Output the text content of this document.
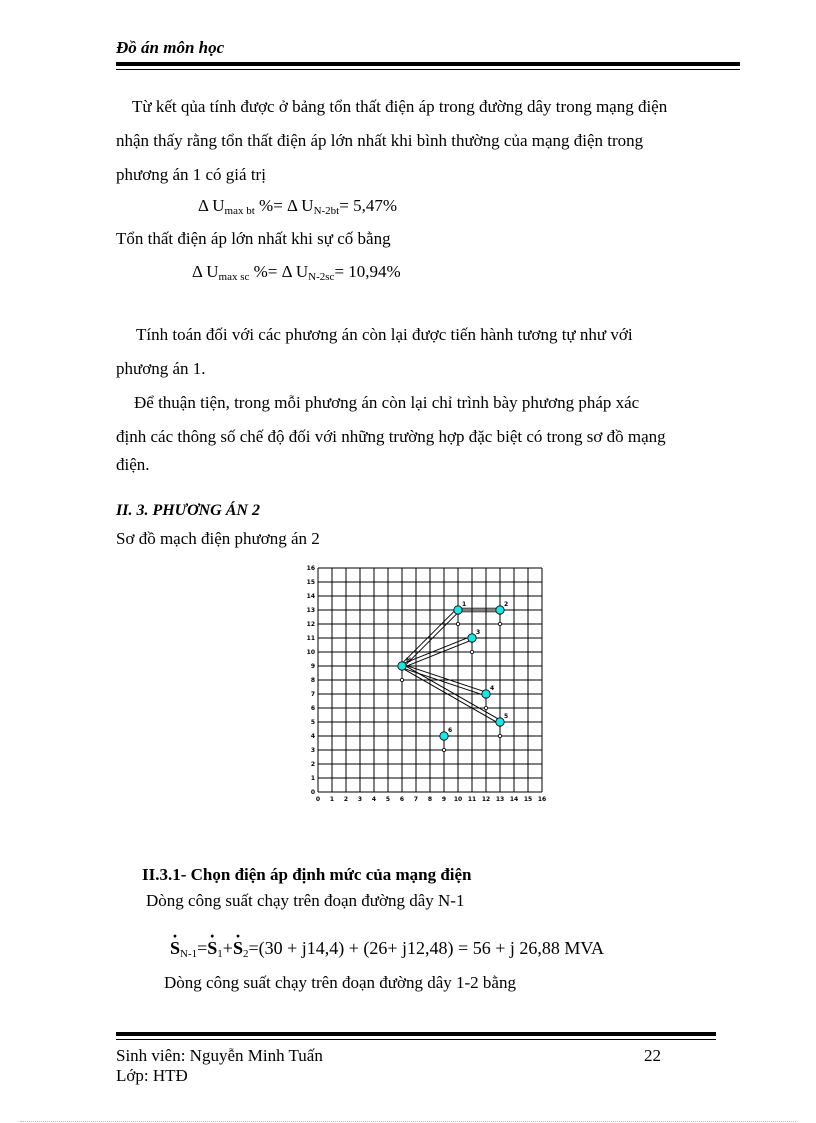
Đồ án môn học
Từ kết qủa tính được ở bảng tổn thất điện áp trong đường dây trong mạng điện
nhận thấy rằng tổn thất điện áp lớn nhất khi bình thường của mạng điện trong
phương án 1 có giá trị
Δ $U_{max bt}$ %= Δ $U_{N-2bt}= 5,47\%$
Tổn thất điện áp lớn nhất khi sự cố bằng
Δ $U_{max sc}$ %= Δ $U_{N-2sc}= 10,94\%$
Tính toán đối với các phương án còn lại được tiến hành tương tự như với
phương án 1.
Để thuận tiện, trong mỗi phương án còn lại chỉ trình bày phương pháp xác
định các thông số chế độ đối với những trường hợp đặc biệt có trong sơ đồ mạng
điện.
II. 3. PHƯƠNG ÁN 2
Sơ đồ mạch điện phương án 2
0 1 2 3 4 5 6 7 8 9 10 11 12 13 14 15 16
0
1
2
3
4
5
6
7
8
9
10
11
12
13
14
15
16
N
1	2
3
4
5
6
II.3.1- Chọn điện áp định mức của mạng điện
Dòng công suất chạy trên đoạn đường dây N-1
· $S_{N-1}=\cdot S_1+\cdot S_2=(30 + j14,4) + (26+ j12,48) = 56 + j$ 26,88 MVA
Dòng công suất chạy trên đoạn đường dây 1-2 bằng
Sinh viên: Nguyễn Minh Tuấn	22
Lớp: HTĐ
